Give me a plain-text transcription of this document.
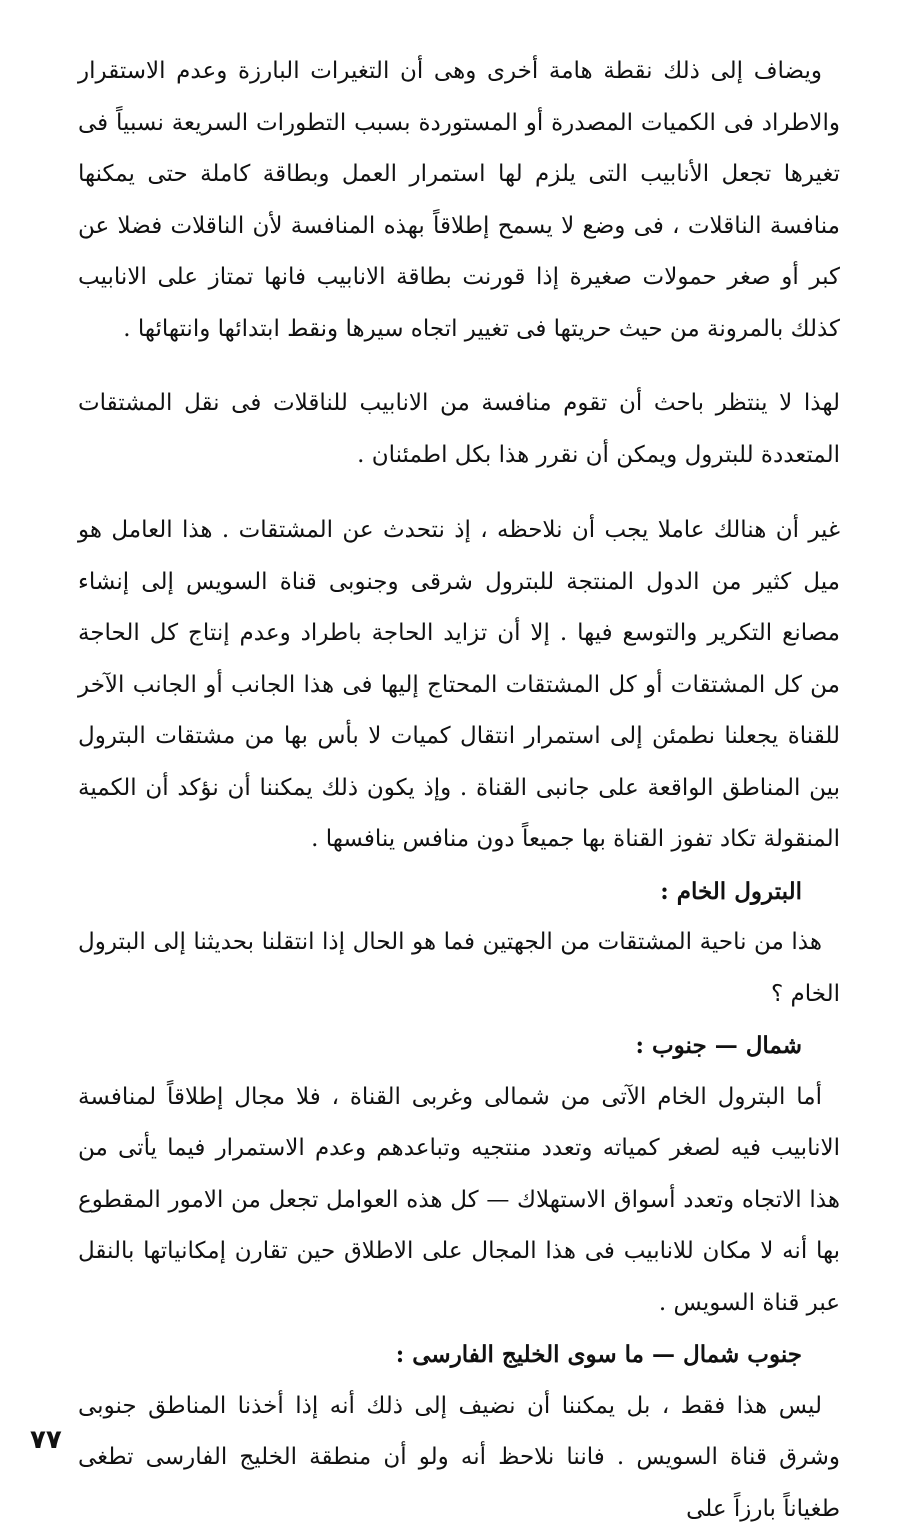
ويضاف إلى ذلك نقطة هامة أخرى وهى أن التغيرات البارزة وعدم الاستقرار والاطراد فى الكميات المصدرة أو المستوردة بسبب التطورات السريعة نسبياً فى تغيرها تجعل الأنابيب التى يلزم لها استمرار العمل وبطاقة كاملة حتى يمكنها منافسة الناقلات ، فى وضع لا يسمح إطلاقاً بهذه المنافسة لأن الناقلات فضلا عن كبر أو صغر حمولات صغيرة إذا قورنت بطاقة الانابيب فانها تمتاز على الانابيب كذلك بالمرونة من حيث حريتها فى تغيير اتجاه سيرها ونقط ابتدائها وانتهائها .

لهذا لا ينتظر باحث أن تقوم منافسة من الانابيب للناقلات فى نقل المشتقات المتعددة للبترول ويمكن أن نقرر هذا بكل اطمئنان .

غير أن هنالك عاملا يجب أن نلاحظه ، إذ نتحدث عن المشتقات . هذا العامل هو ميل كثير من الدول المنتجة للبترول شرقى وجنوبى قناة السويس إلى إنشاء مصانع التكرير والتوسع فيها . إلا أن تزايد الحاجة باطراد وعدم إنتاج كل الحاجة من كل المشتقات أو كل المشتقات المحتاج إليها فى هذا الجانب أو الجانب الآخر للقناة يجعلنا نطمئن إلى استمرار انتقال كميات لا بأس بها من مشتقات البترول بين المناطق الواقعة على جانبى القناة . وإذ يكون ذلك يمكننا أن نؤكد أن الكمية المنقولة تكاد تفوز القناة بها جميعاً دون منافس ينافسها .

البترول الخام :

هذا من ناحية المشتقات من الجهتين فما هو الحال إذا انتقلنا بحديثنا إلى البترول الخام ؟

شمال — جنوب :

أما البترول الخام الآتى من شمالى وغربى القناة ، فلا مجال إطلاقاً لمنافسة الانابيب فيه لصغر كمياته وتعدد منتجيه وتباعدهم وعدم الاستمرار فيما يأتى من هذا الاتجاه وتعدد أسواق الاستهلاك — كل هذه العوامل تجعل من الامور المقطوع بها أنه لا مكان للانابيب فى هذا المجال على الاطلاق حين تقارن إمكانياتها بالنقل عبر قناة السويس .

جنوب شمال — ما سوى الخليج الفارسى :

ليس هذا فقط ، بل يمكننا أن نضيف إلى ذلك أنه إذا أخذنا المناطق جنوبى وشرق قناة السويس . فاننا نلاحظ أنه ولو أن منطقة الخليج الفارسى تطغى طغياناً بارزاً على

٧٧
